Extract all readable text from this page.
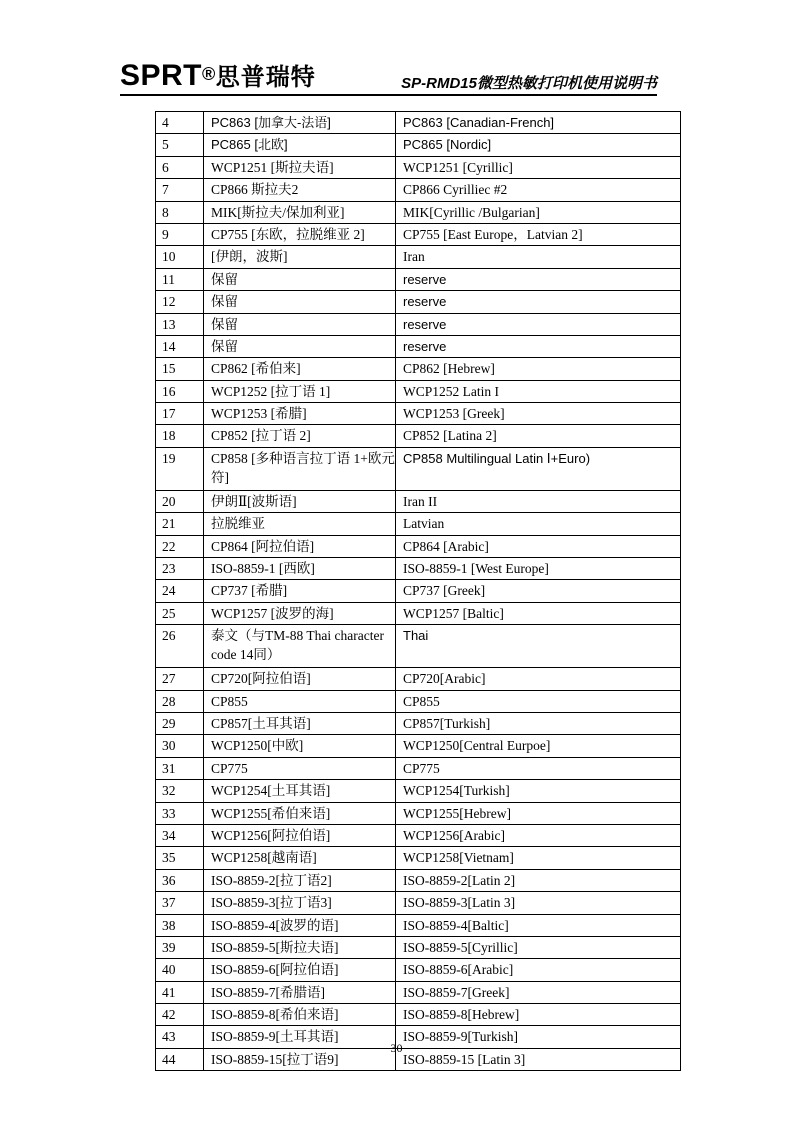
SPRT®思普瑞特	SP-RMD15微型热敏打印机使用说明书
4	PC863 [加拿大-法语]	PC863 [Canadian-French]
5	PC865 [北欧]	PC865 [Nordic]
6	WCP1251 [斯拉夫语]	WCP1251 [Cyrillic]
7	CP866 斯拉夫2	CP866 Cyrilliec #2
8	MIK[斯拉夫/保加利亚]	MIK[Cyrillic /Bulgarian]
9	CP755 [东欧，拉脱维亚 2]	CP755 [East Europe，Latvian 2]
10	[伊朗，波斯]	Iran
11	保留	reserve
12	保留	reserve
13	保留	reserve
14	保留	reserve
15	CP862 [希伯来]	CP862 [Hebrew]
16	WCP1252 [拉丁语 1]	WCP1252 Latin I
17	WCP1253 [希腊]	WCP1253 [Greek]
18	CP852 [拉丁语 2]	CP852 [Latina 2]
19	CP858 [多种语言拉丁语 1+欧元符]	CP858 Multilingual Latin Ⅰ+Euro)
20	伊朗Ⅱ[波斯语]	Iran II
21	拉脱维亚	Latvian
22	CP864 [阿拉伯语]	CP864 [Arabic]
23	ISO-8859-1 [西欧]	ISO-8859-1 [West Europe]
24	CP737 [希腊]	CP737 [Greek]
25	WCP1257 [波罗的海]	WCP1257 [Baltic]
26	泰文（与TM-88 Thai character code 14同）	Thai
27	CP720[阿拉伯语]	CP720[Arabic]
28	CP855	CP855
29	CP857[土耳其语]	CP857[Turkish]
30	WCP1250[中欧]	WCP1250[Central Eurpoe]
31	CP775	CP775
32	WCP1254[土耳其语]	WCP1254[Turkish]
33	WCP1255[希伯来语]	WCP1255[Hebrew]
34	WCP1256[阿拉伯语]	WCP1256[Arabic]
35	WCP1258[越南语]	WCP1258[Vietnam]
36	ISO-8859-2[拉丁语2]	ISO-8859-2[Latin 2]
37	ISO-8859-3[拉丁语3]	ISO-8859-3[Latin 3]
38	ISO-8859-4[波罗的语]	ISO-8859-4[Baltic]
39	ISO-8859-5[斯拉夫语]	ISO-8859-5[Cyrillic]
40	ISO-8859-6[阿拉伯语]	ISO-8859-6[Arabic]
41	ISO-8859-7[希腊语]	ISO-8859-7[Greek]
42	ISO-8859-8[希伯来语]	ISO-8859-8[Hebrew]
43	ISO-8859-9[土耳其语]	ISO-8859-9[Turkish]
44	ISO-8859-15[拉丁语9]	ISO-8859-15 [Latin 3]
30
